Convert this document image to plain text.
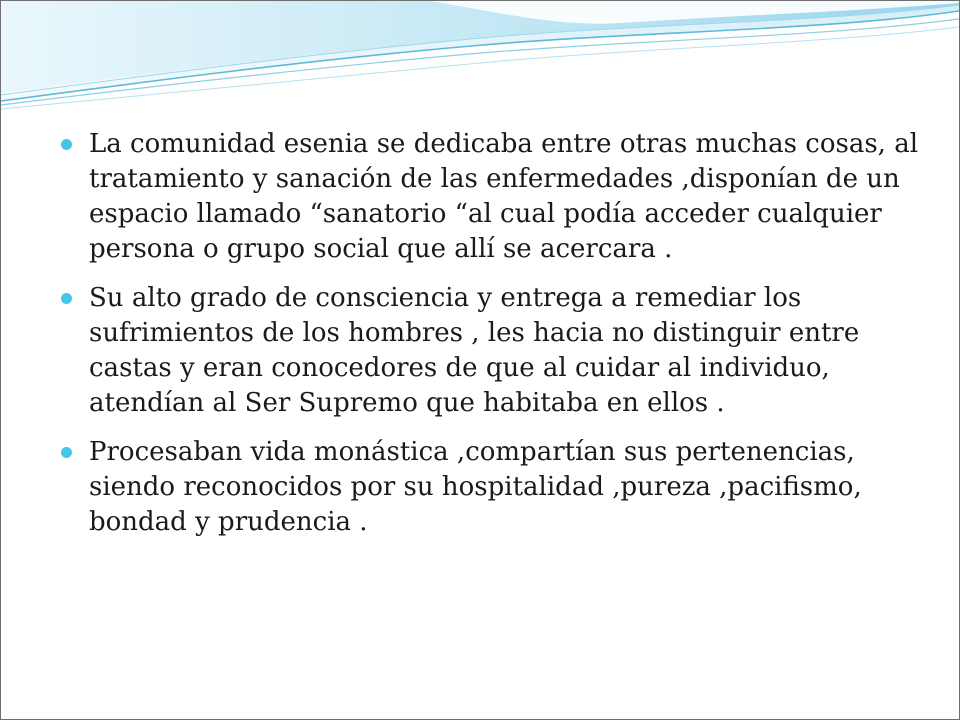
La comunidad esenia se dedicaba entre otras muchas cosas, al tratamiento y sanación de las enfermedades ,disponían de un espacio llamado “sanatorio “al cual podía acceder cualquier persona o grupo social que allí se acercara .
Su alto grado de consciencia y entrega a remediar los sufrimientos de los hombres , les hacia no distinguir entre castas y eran conocedores de que al cuidar al individuo, atendían al Ser Supremo que habitaba en ellos .
Procesaban vida monástica ,compartían sus pertenencias, siendo reconocidos por su hospitalidad ,pureza ,pacifismo, bondad y prudencia .
